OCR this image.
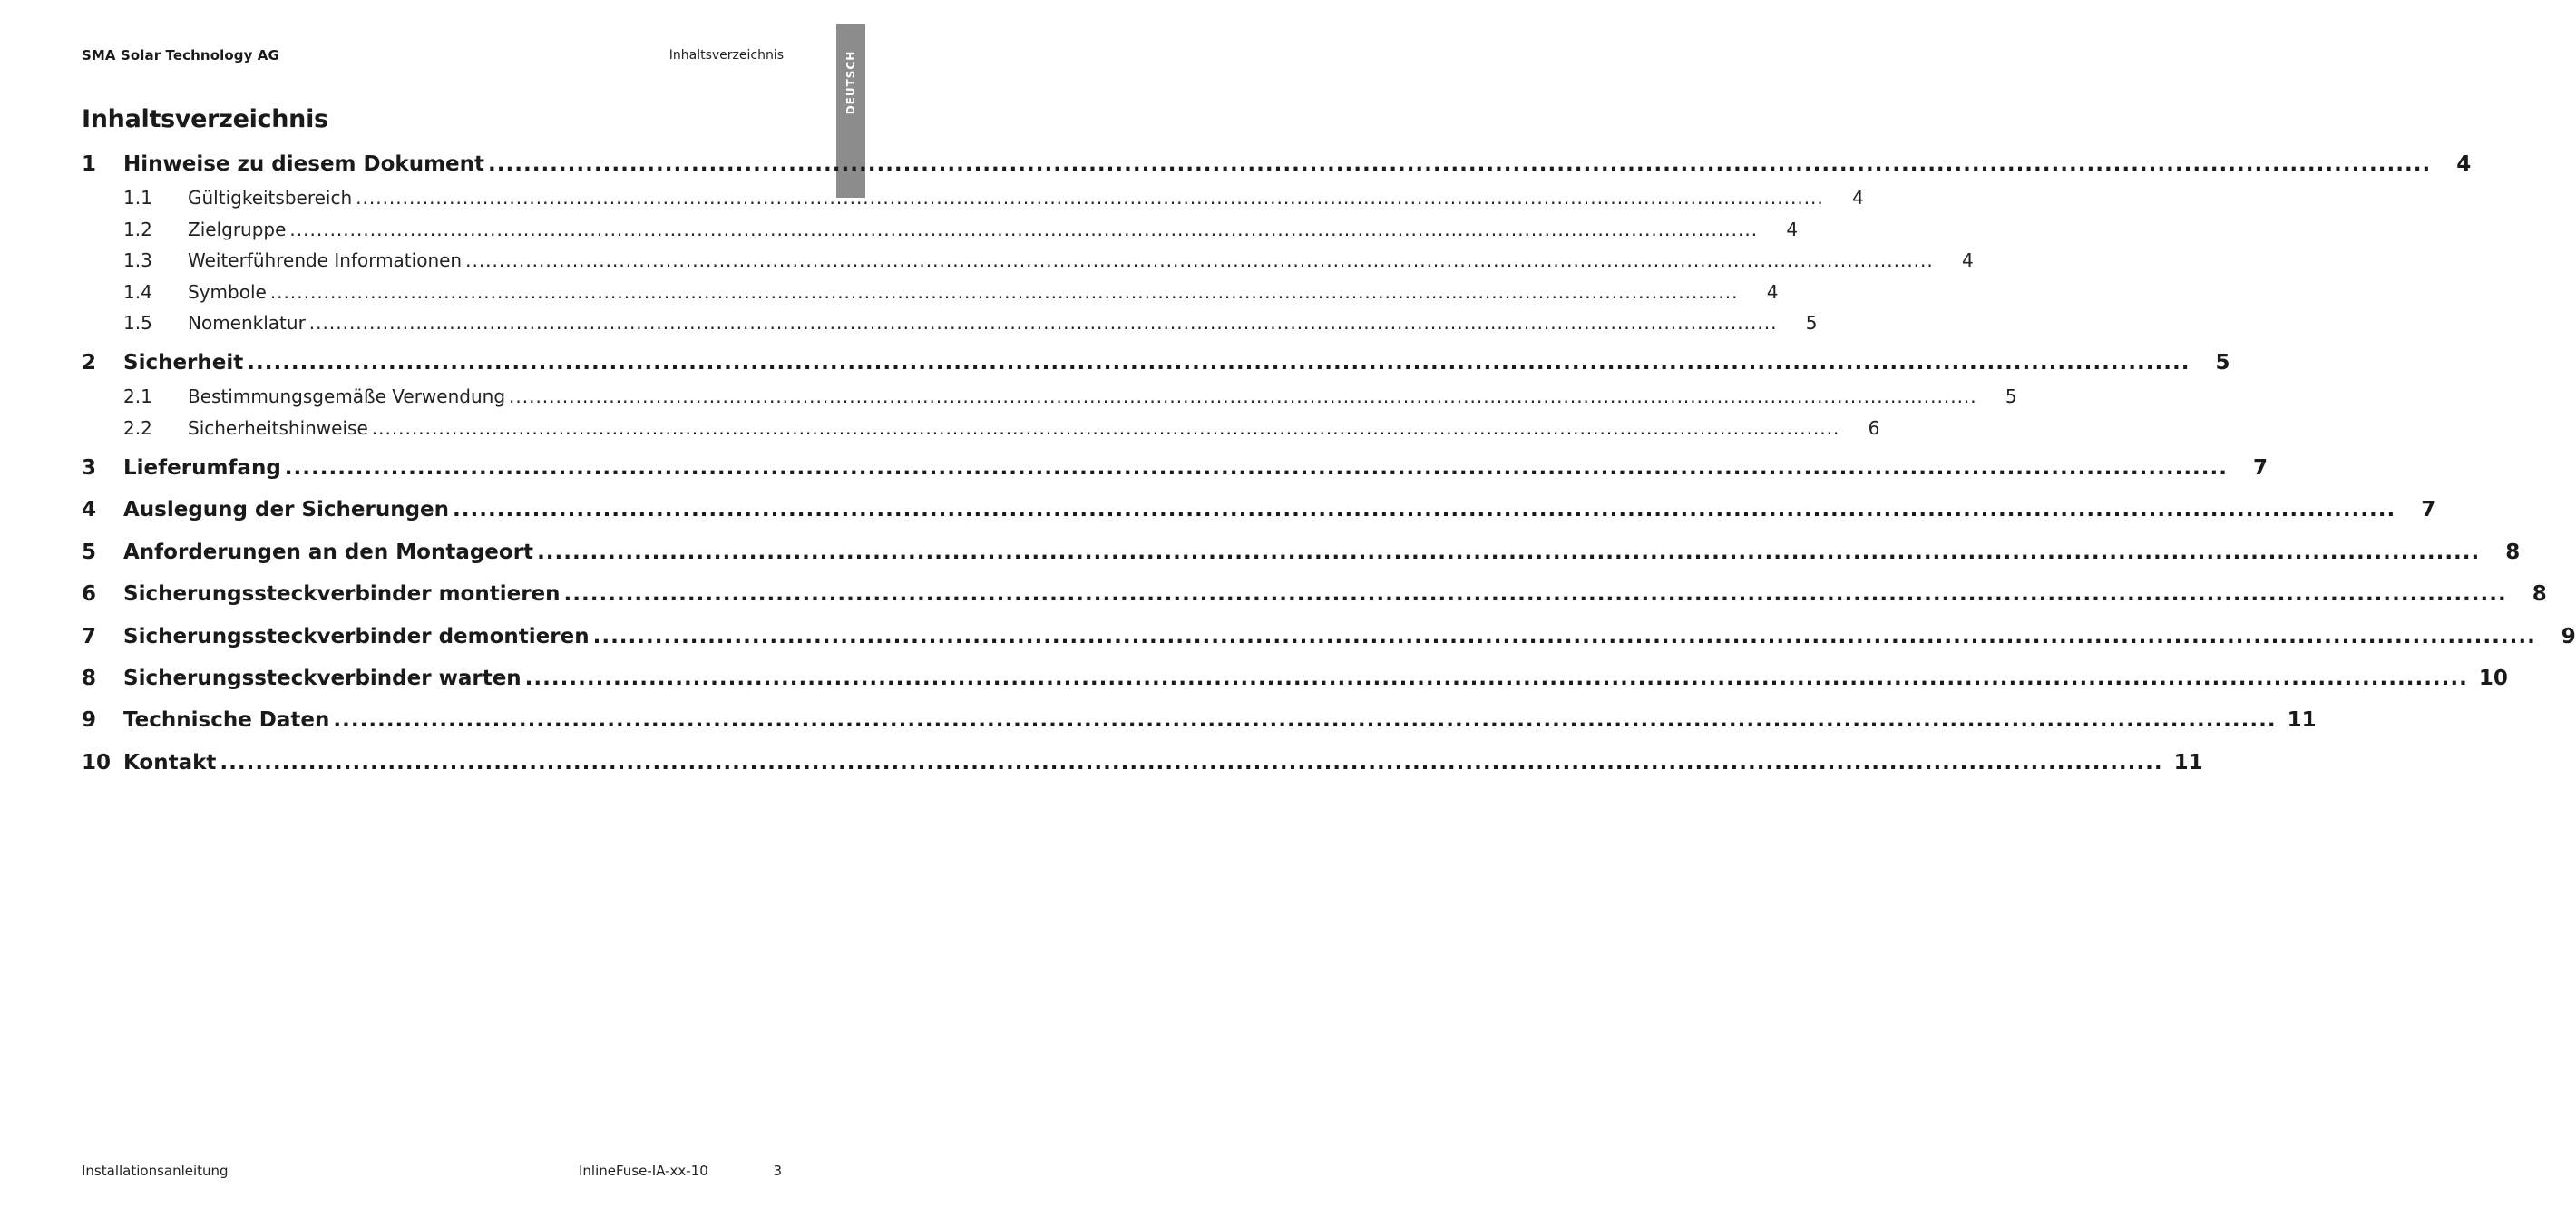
SMA Solar Technology AG	Inhaltsverzeichnis	DEUTSCH
Inhaltsverzeichnis
1	Hinweise zu diesem Dokument ............................................................................................................................................................................................................................	4
1.1	Gültigkeitsbereich ............................................................................................................................................................................................................................	4
1.2	Zielgruppe ............................................................................................................................................................................................................................	4
1.3	Weiterführende Informationen ............................................................................................................................................................................................................................	4
1.4	Symbole ............................................................................................................................................................................................................................	4
1.5	Nomenklatur ............................................................................................................................................................................................................................	5
2	Sicherheit ............................................................................................................................................................................................................................	5
2.1	Bestimmungsgemäße Verwendung ............................................................................................................................................................................................................................	5
2.2	Sicherheitshinweise ............................................................................................................................................................................................................................	6
3	Lieferumfang ............................................................................................................................................................................................................................	7
4	Auslegung der Sicherungen ............................................................................................................................................................................................................................	7
5	Anforderungen an den Montageort ............................................................................................................................................................................................................................	8
6	Sicherungssteckverbinder montieren ............................................................................................................................................................................................................................	8
7	Sicherungssteckverbinder demontieren ............................................................................................................................................................................................................................	9
8	Sicherungssteckverbinder warten ............................................................................................................................................................................................................................ 10
9	Technische Daten ............................................................................................................................................................................................................................ 11
10 Kontakt ............................................................................................................................................................................................................................ 11
Installationsanleitung	InlineFuse-IA-xx-10	3
